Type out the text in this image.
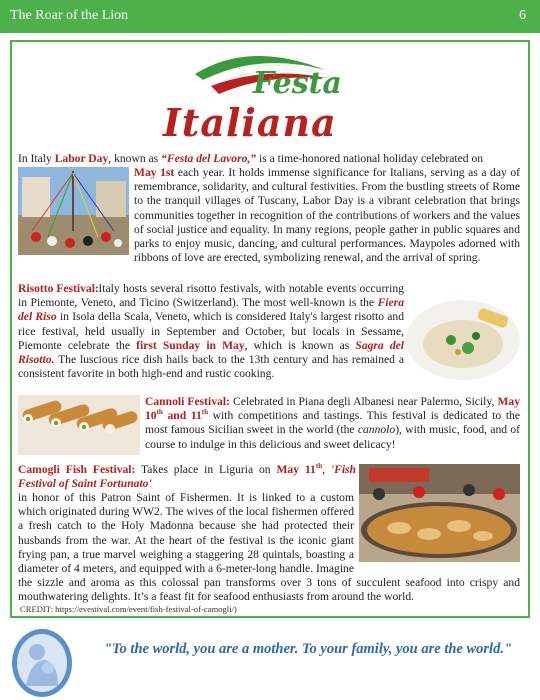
The Roar of the Lion	6
Festa
Italiana
In Italy Labor Day, known as “Festa del Lavoro,” is a time-honored national holiday celebrated on
May 1st each year. It holds immense significance for Italians, serving as a day of remembrance, solidarity, and cultural festivities. From the bustling streets of Rome to the tranquil villages of Tuscany, Labor Day is a vibrant celebration that brings communities together in recognition of the contributions of workers and the values of social justice and equality. In many regions, people gather in public squares and parks to enjoy music, dancing, and cultural performances. Maypoles adorned with ribbons of love are erected, symbolizing renewal, and the arrival of spring.
Risotto Festival:
Italy hosts several risotto festivals, with notable events occurring in Piemonte, Veneto, and Ticino (Switzerland). The most well-known is the Fiera del Riso in Isola della Scala, Veneto, which is considered Italy's largest risotto and rice festival, held usually in September and October, but locals in Sessame, Piemonte celebrate the first Sunday in May, which is known as Sagra del Risotto. The luscious rice dish hails back to the 13th century and has remained a consistent favorite in both high-end and rustic cooking.
Cannoli Festival: Celebrated in Piana degli Albanesi near Palermo, Sicily, May 10th and 11th with competitions and tastings. This festival is dedicated to the most famous Sicilian sweet in the world (the cannolo), with music, food, and of course to indulge in this delicious and sweet delicacy!
Camogli Fish Festival: Takes place in Liguria on May 11th, 'Fish Festival of Saint Fortunato'
in honor of this Patron Saint of Fishermen. It is linked to a custom which originated during WW2. The wives of the local fishermen offered a fresh catch to the Holy Madonna because she had protected their husbands from the war. At the heart of the festival is the iconic giant frying pan, a true marvel weighing a staggering 28 quintals, boasting a diameter of 4 meters, and equipped with a 6-meter-long handle. Imagine the sizzle and aroma as this colossal pan transforms over 3 tons of succulent seafood into crispy and mouthwatering delights. It’s a feast fit for seafood enthusiasts from around the world.
CREDIT: https://evestival.com/event/fish-festival-of-camogli/)
"To the world, you are a mother. To your family, you are the world."
